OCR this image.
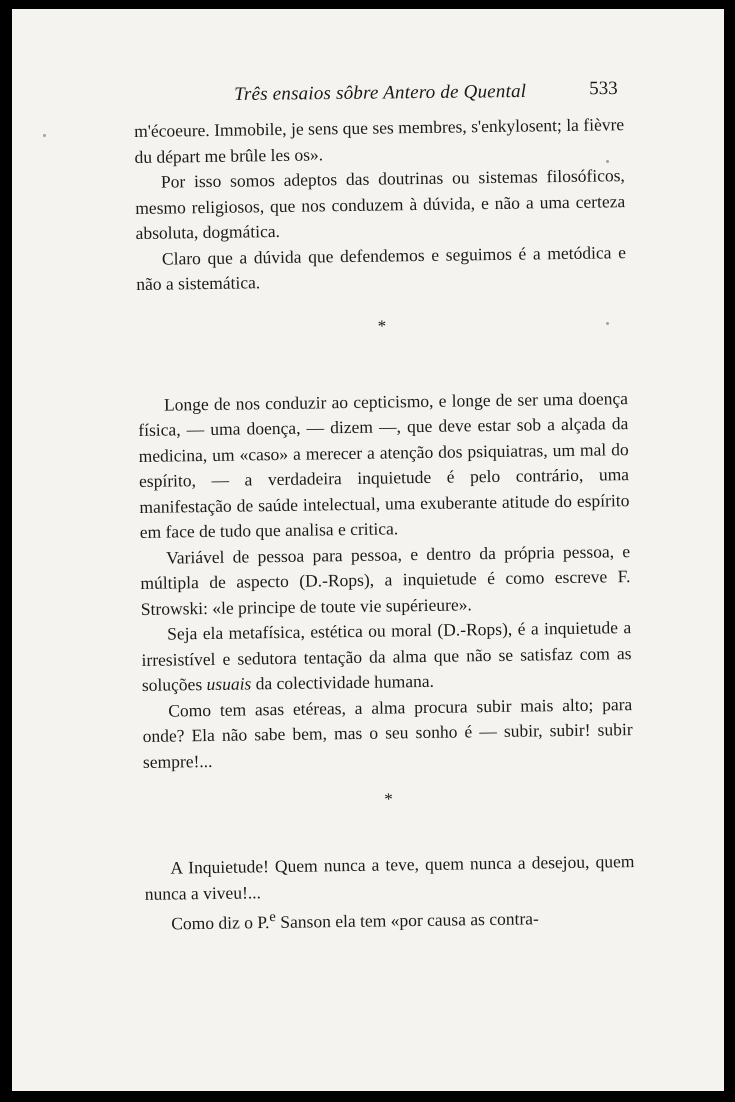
Três ensaios sôbre Antero de Quental	533

m'écoeure. Immobile, je sens que ses membres, s'enkylosent; la fièvre du départ me brûle les os».

Por isso somos adeptos das doutrinas ou sistemas filosóficos, mesmo religiosos, que nos conduzem à dúvida, e não a uma certeza absoluta, dogmática.

Claro que a dúvida que defendemos e seguimos é a metódica e não a sistemática.

*

Longe de nos conduzir ao cepticismo, e longe de ser uma doença física, — uma doença, — dizem —, que deve estar sob a alçada da medicina, um «caso» a merecer a atenção dos psiquiatras, um mal do espírito, — a verdadeira inquietude é pelo contrário, uma manifestação de saúde intelectual, uma exuberante atitude do espírito em face de tudo que analisa e critica.

Variável de pessoa para pessoa, e dentro da própria pessoa, e múltipla de aspecto (D.-Rops), a inquietude é como escreve F. Strowski: «le principe de toute vie supérieure».

Seja ela metafísica, estética ou moral (D.-Rops), é a inquietude a irresistível e sedutora tentação da alma que não se satisfaz com as soluções usuais da colectividade humana.

Como tem asas etéreas, a alma procura subir mais alto; para onde? Ela não sabe bem, mas o seu sonho é — subir, subir! subir sempre!...

*

A Inquietude! Quem nunca a teve, quem nunca a desejou, quem nunca a viveu!...

Como diz o P.$^e$ Sanson ela tem «por causa as contra-
